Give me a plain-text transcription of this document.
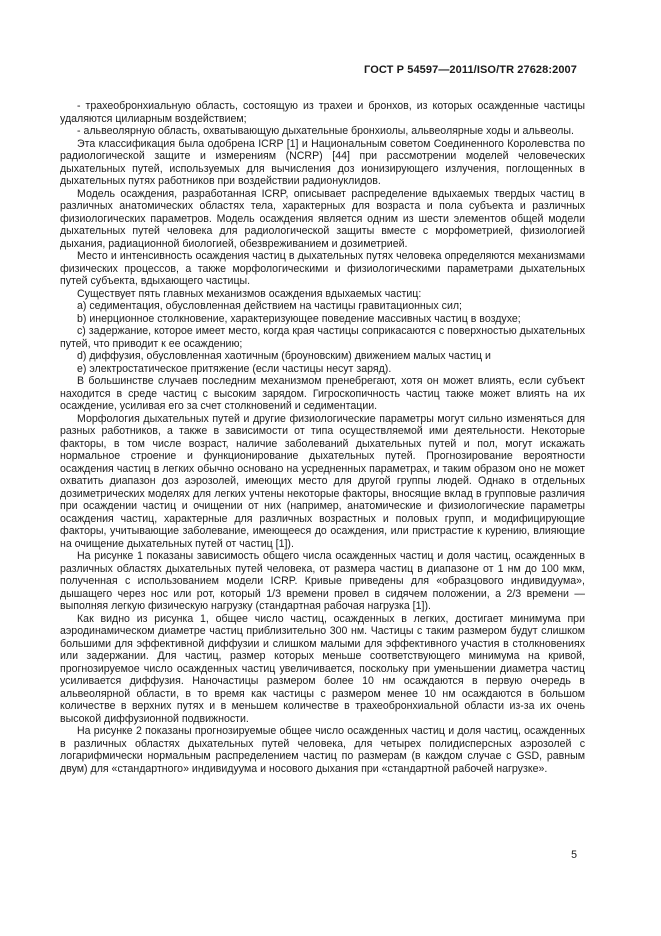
ГОСТ Р 54597—2011/ISO/TR 27628:2007

- трахеобронхиальную область, состоящую из трахеи и бронхов, из которых осажденные частицы удаляются цилиарным воздействием;

- альвеолярную область, охватывающую дыхательные бронхиолы, альвеолярные ходы и альвеолы.

Эта классификация была одобрена ICRP [1] и Национальным советом Соединенного Королевства по радиологической защите и измерениям (NCRP) [44] при рассмотрении моделей человеческих дыхательных путей, используемых для вычисления доз ионизирующего излучения, поглощенных в дыхательных путях работников при воздействии радионуклидов.

Модель осаждения, разработанная ICRP, описывает распределение вдыхаемых твердых частиц в различных анатомических областях тела, характерных для возраста и пола субъекта и различных физиологических параметров. Модель осаждения является одним из шести элементов общей модели дыхательных путей человека для радиологической защиты вместе с морфометрией, физиологией дыхания, радиационной биологией, обезвреживанием и дозиметрией.

Место и интенсивность осаждения частиц в дыхательных путях человека определяются механизмами физических процессов, а также морфологическими и физиологическими параметрами дыхательных путей субъекта, вдыхающего частицы.

Существует пять главных механизмов осаждения вдыхаемых частиц:

а) седиментация, обусловленная действием на частицы гравитационных сил;

b) инерционное столкновение, характеризующее поведение массивных частиц в воздухе;

c) задержание, которое имеет место, когда края частицы соприкасаются с поверхностью дыхательных путей, что приводит к ее осаждению;

d) диффузия, обусловленная хаотичным (броуновским) движением малых частиц и

e) электростатическое притяжение (если частицы несут заряд).

В большинстве случаев последним механизмом пренебрегают, хотя он может влиять, если субъект находится в среде частиц с высоким зарядом. Гигроскопичность частиц также может влиять на их осаждение, усиливая его за счет столкновений и седиментации.

Морфология дыхательных путей и другие физиологические параметры могут сильно изменяться для разных работников, а также в зависимости от типа осуществляемой ими деятельности. Некоторые факторы, в том числе возраст, наличие заболеваний дыхательных путей и пол, могут искажать нормальное строение и функционирование дыхательных путей. Прогнозирование вероятности осаждения частиц в легких обычно основано на усредненных параметрах, и таким образом оно не может охватить диапазон доз аэрозолей, имеющих место для другой группы людей. Однако в отдельных дозиметрических моделях для легких учтены некоторые факторы, вносящие вклад в групповые различия при осаждении частиц и очищении от них (например, анатомические и физиологические параметры осаждения частиц, характерные для различных возрастных и половых групп, и модифицирующие факторы, учитывающие заболевание, имеющееся до осаждения, или пристрастие к курению, влияющие на очищение дыхательных путей от частиц [1]).

На рисунке 1 показаны зависимость общего числа осажденных частиц и доля частиц, осажденных в различных областях дыхательных путей человека, от размера частиц в диапазоне от 1 нм до 100 мкм, полученная с использованием модели ICRP. Кривые приведены для «образцового индивидуума», дышащего через нос или рот, который 1/3 времени провел в сидячем положении, а 2/3 времени — выполняя легкую физическую нагрузку (стандартная рабочая нагрузка [1]).

Как видно из рисунка 1, общее число частиц, осажденных в легких, достигает минимума при аэродинамическом диаметре частиц приблизительно 300 нм. Частицы с таким размером будут слишком большими для эффективной диффузии и слишком малыми для эффективного участия в столкновениях или задержании. Для частиц, размер которых меньше соответствующего минимума на кривой, прогнозируемое число осажденных частиц увеличивается, поскольку при уменьшении диаметра частиц усиливается диффузия. Наночастицы размером более 10 нм осаждаются в первую очередь в альвеолярной области, в то время как частицы с размером менее 10 нм осаждаются в большом количестве в верхних путях и в меньшем количестве в трахеобронхиальной области из-за их очень высокой диффузионной подвижности.

На рисунке 2 показаны прогнозируемые общее число осажденных частиц и доля частиц, осажденных в различных областях дыхательных путей человека, для четырех полидисперсных аэрозолей с логарифмически нормальным распределением частиц по размерам (в каждом случае с GSD, равным двум) для «стандартного» индивидуума и носового дыхания при «стандартной рабочей нагрузке».

5
